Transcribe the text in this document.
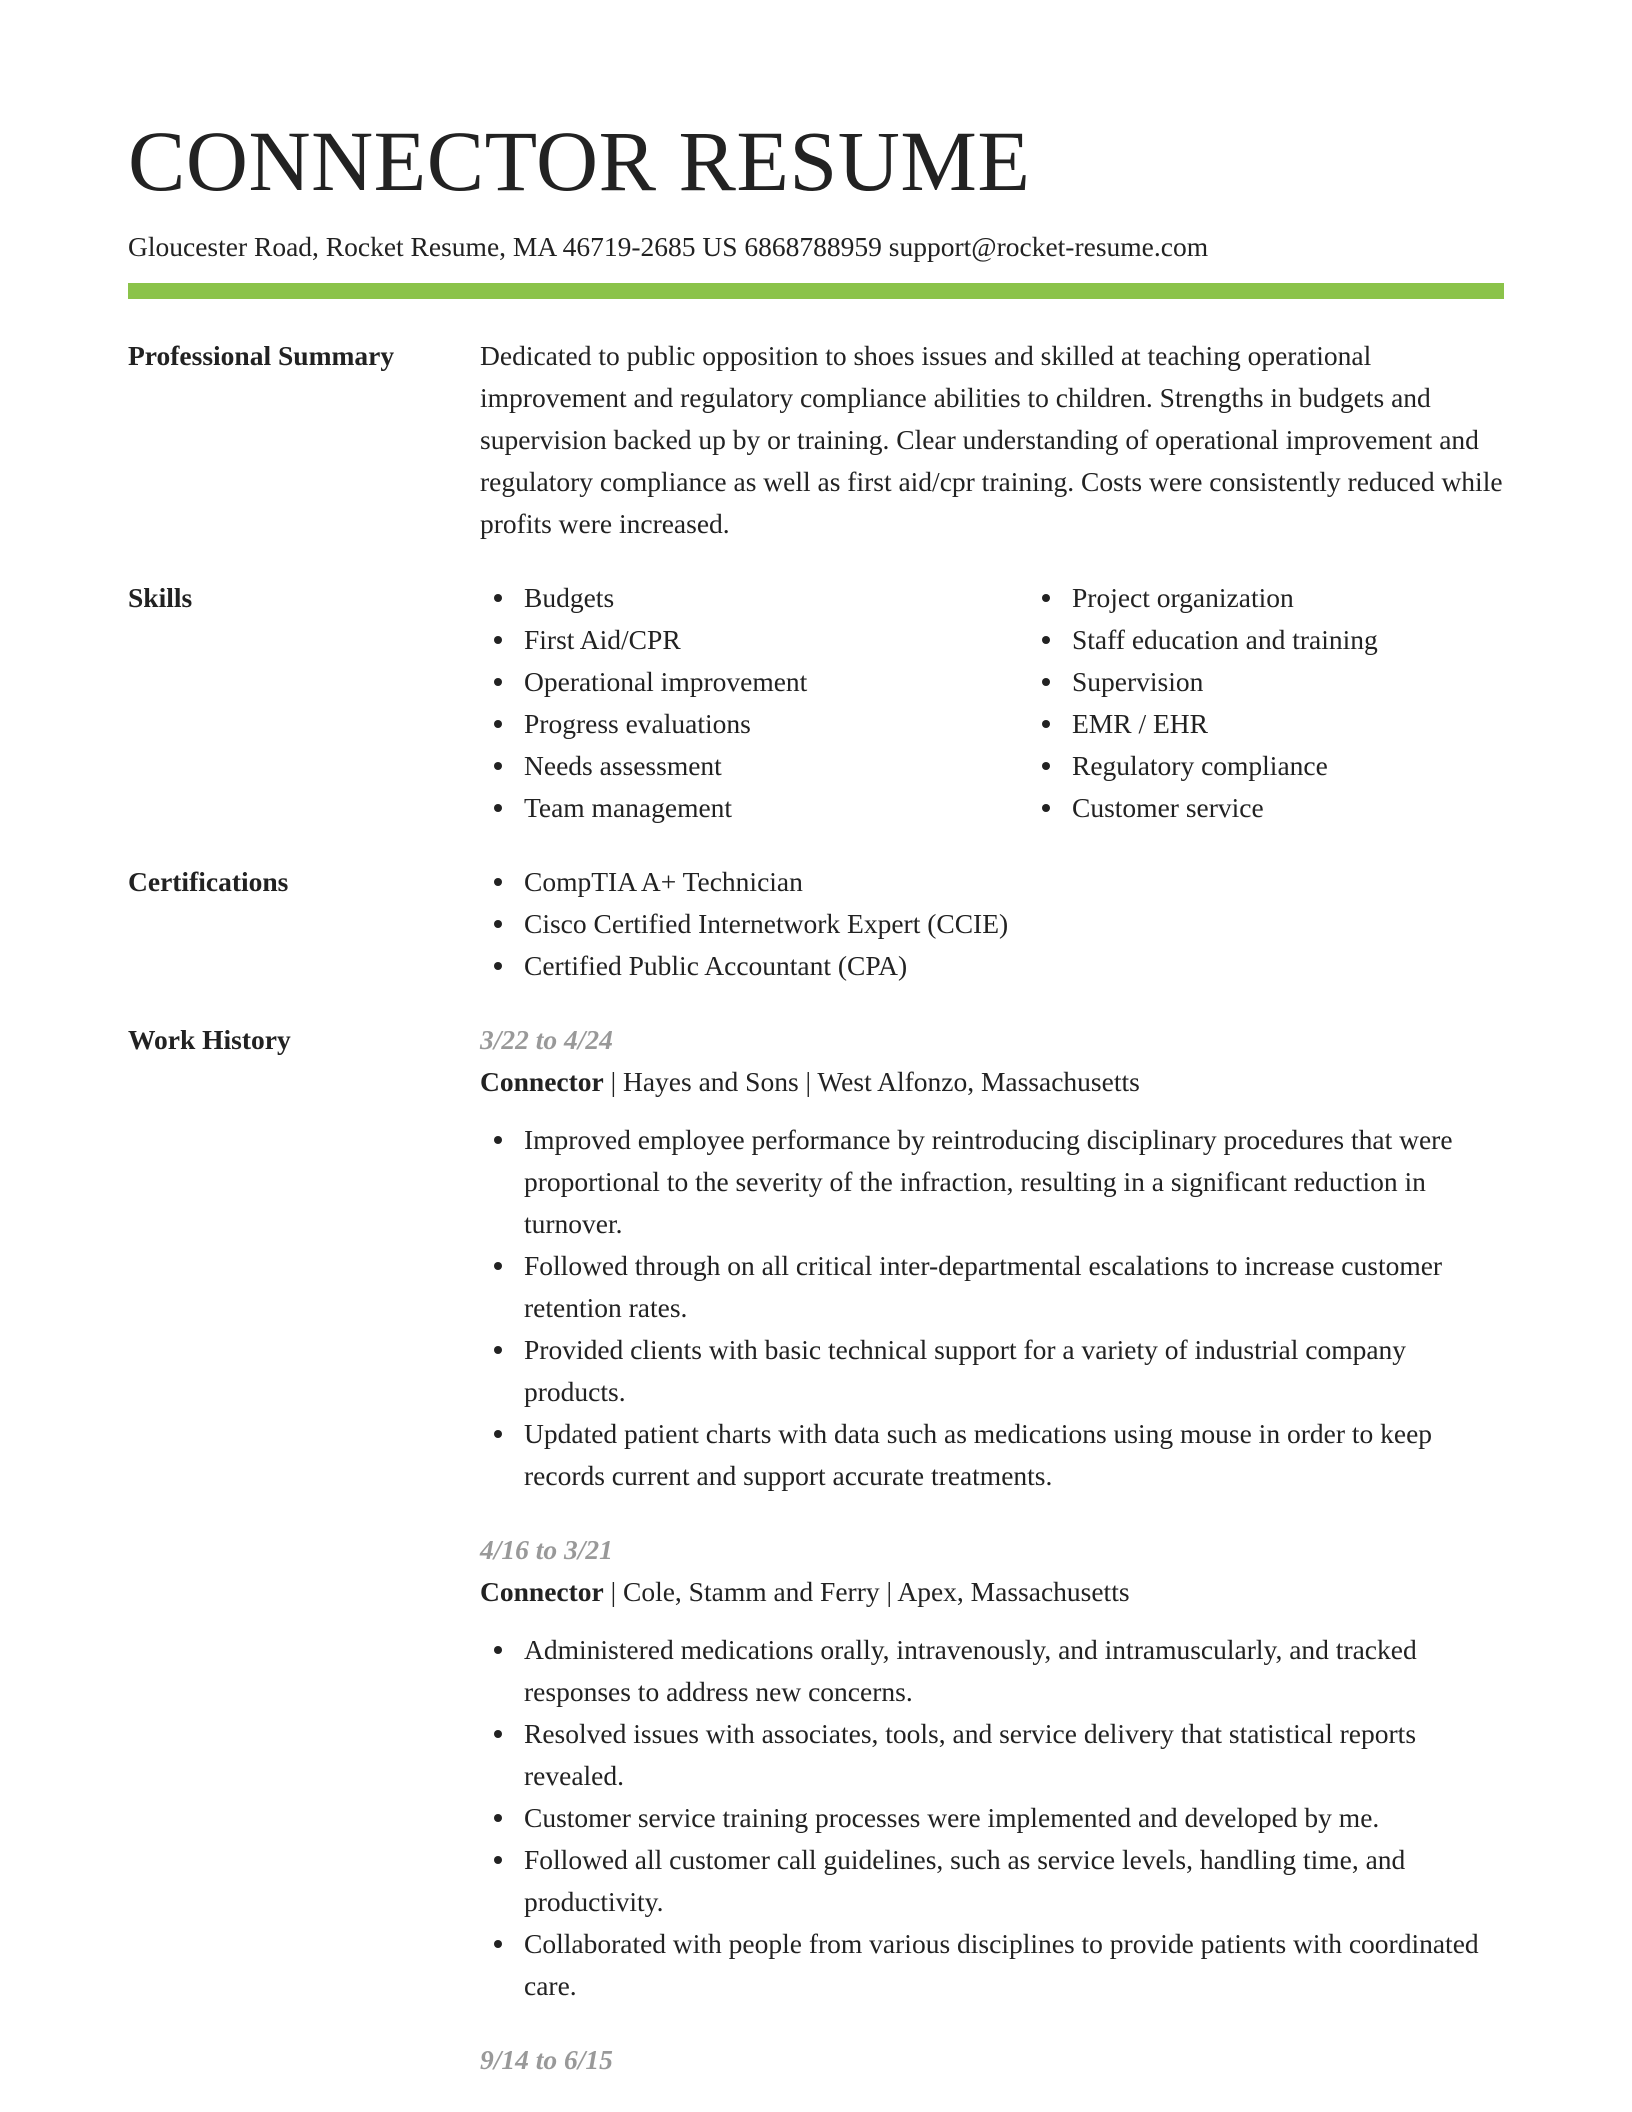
CONNECTOR RESUME
Gloucester Road, Rocket Resume, MA 46719-2685 US 6868788959 support@rocket-resume.com
Professional Summary	Dedicated to public opposition to shoes issues and skilled at teaching operational improvement and regulatory compliance abilities to children. Strengths in budgets and supervision backed up by or training. Clear understanding of operational improvement and regulatory compliance as well as first aid/cpr training. Costs were consistently reduced while profits were increased.

Skills	Budgets
First Aid/CPR
Operational improvement
Progress evaluations
Needs assessment
Team management
Project organization
Staff education and training
Supervision
EMR / EHR
Regulatory compliance
Customer service
Certifications	CompTIA A+ Technician
Cisco Certified Internetwork Expert (CCIE)
Certified Public Accountant (CPA)
Work History	3/22 to 4/24
Connector | Hayes and Sons | West Alfonzo, Massachusetts
Improved employee performance by reintroducing disciplinary procedures that were proportional to the severity of the infraction, resulting in a significant reduction in turnover.
Followed through on all critical inter-departmental escalations to increase customer retention rates.
Provided clients with basic technical support for a variety of industrial company products.
Updated patient charts with data such as medications using mouse in order to keep records current and support accurate treatments.
4/16 to 3/21
Connector | Cole, Stamm and Ferry | Apex, Massachusetts
Administered medications orally, intravenously, and intramuscularly, and tracked responses to address new concerns.
Resolved issues with associates, tools, and service delivery that statistical reports revealed.
Customer service training processes were implemented and developed by me.
Followed all customer call guidelines, such as service levels, handling time, and productivity.
Collaborated with people from various disciplines to provide patients with coordinated care.
9/14 to 6/15
